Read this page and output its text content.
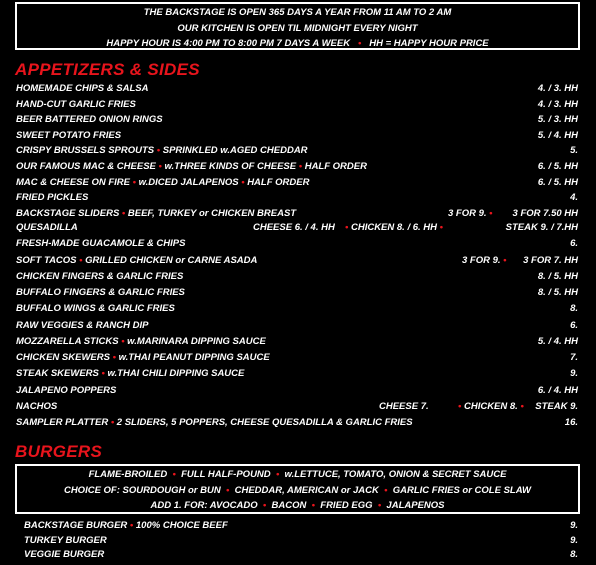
THE BACKSTAGE IS OPEN 365 DAYS A YEAR FROM 11 AM TO 2 AM
OUR KITCHEN IS OPEN TIL MIDNIGHT EVERY NIGHT
HAPPY HOUR IS 4:00 PM TO 8:00 PM 7 DAYS A WEEK • HH = HAPPY HOUR PRICE
APPETIZERS & SIDES
HOMEMADE CHIPS & SALSA	4. / 3. HH
HAND-CUT GARLIC FRIES	4. / 3. HH
BEER BATTERED ONION RINGS	5. / 3. HH
SWEET POTATO FRIES	5. / 4. HH
CRISPY BRUSSELS SPROUTS • SPRINKLED w.AGED CHEDDAR	5.
OUR FAMOUS MAC & CHEESE • w.THREE KINDS OF CHEESE • HALF ORDER	6. / 5. HH
MAC & CHEESE ON FIRE • w.DICED JALAPENOS • HALF ORDER	6. / 5. HH
FRIED PICKLES	4.
BACKSTAGE SLIDERS • BEEF, TURKEY or CHICKEN BREAST	3 FOR 9. • 3 FOR 7.50 HH
QUESADILLA	CHEESE 6. / 4. HH • CHICKEN 8. / 6. HH •	STEAK 9. / 7.HH
FRESH-MADE GUACAMOLE & CHIPS	6.
SOFT TACOS • GRILLED CHICKEN or CARNE ASADA	3 FOR 9. • 3 FOR 7. HH
CHICKEN FINGERS & GARLIC FRIES	8. / 5. HH
BUFFALO FINGERS & GARLIC FRIES	8. / 5. HH
BUFFALO WINGS & GARLIC FRIES	8.
RAW VEGGIES & RANCH DIP	6.
MOZZARELLA STICKS • w.MARINARA DIPPING SAUCE	5. / 4. HH
CHICKEN SKEWERS • w.THAI PEANUT DIPPING SAUCE	7.
STEAK SKEWERS • w.THAI CHILI DIPPING SAUCE	9.
JALAPENO POPPERS	6. / 4. HH
NACHOS	CHEESE 7.	• CHICKEN 8. • STEAK 9.
SAMPLER PLATTER • 2 SLIDERS, 5 POPPERS, CHEESE QUESADILLA & GARLIC FRIES	16.
BURGERS
FLAME-BROILED • FULL HALF-POUND • w.LETTUCE, TOMATO, ONION & SECRET SAUCE
CHOICE OF: SOURDOUGH or BUN • CHEDDAR, AMERICAN or JACK • GARLIC FRIES or COLE SLAW
ADD 1. FOR: AVOCADO • BACON • FRIED EGG • JALAPENOS
BACKSTAGE BURGER • 100% CHOICE BEEF	9.
TURKEY BURGER	9.
VEGGIE BURGER	8.
